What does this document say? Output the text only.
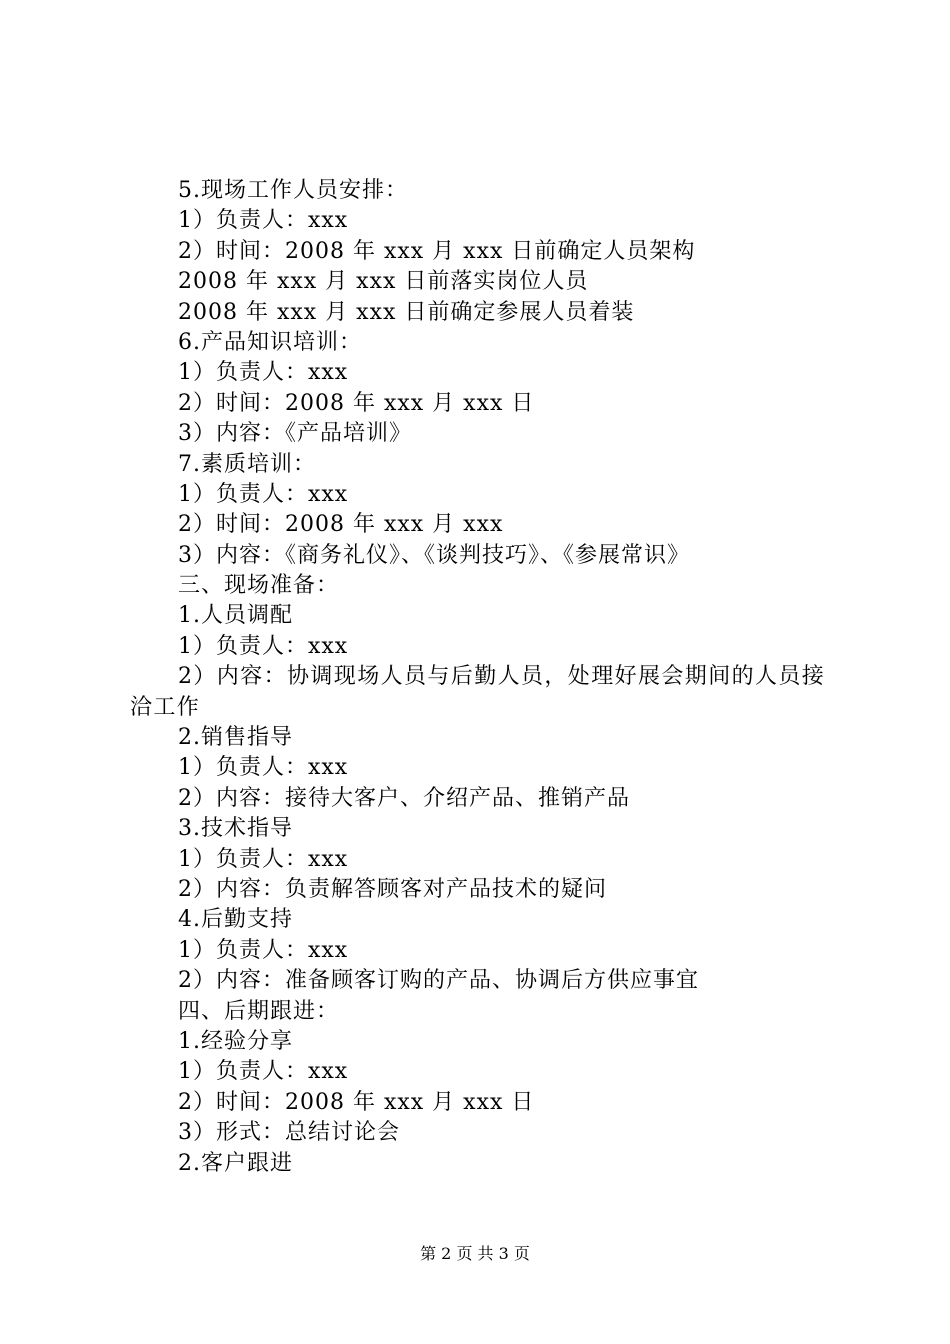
5.现场工作人员安排：
1）负责人：xxx
2）时间：2008 年 xxx 月 xxx 日前确定人员架构
2008 年 xxx 月 xxx 日前落实岗位人员
2008 年 xxx 月 xxx 日前确定参展人员着装
6.产品知识培训：
1）负责人：xxx
2）时间：2008 年 xxx 月 xxx 日
3）内容：《产品培训》
7.素质培训：
1）负责人：xxx
2）时间：2008 年 xxx 月 xxx
3）内容：《商务礼仪》、《谈判技巧》、《参展常识》
三、现场准备：
1.人员调配
1）负责人：xxx
2）内容：协调现场人员与后勤人员，处理好展会期间的人员接洽工作
2.销售指导
1）负责人：xxx
2）内容：接待大客户、介绍产品、推销产品
3.技术指导
1）负责人：xxx
2）内容：负责解答顾客对产品技术的疑问
4.后勤支持
1）负责人：xxx
2）内容：准备顾客订购的产品、协调后方供应事宜
四、后期跟进：
1.经验分享
1）负责人：xxx
2）时间：2008 年 xxx 月 xxx 日
3）形式：总结讨论会
2.客户跟进
第 2 页 共 3 页
